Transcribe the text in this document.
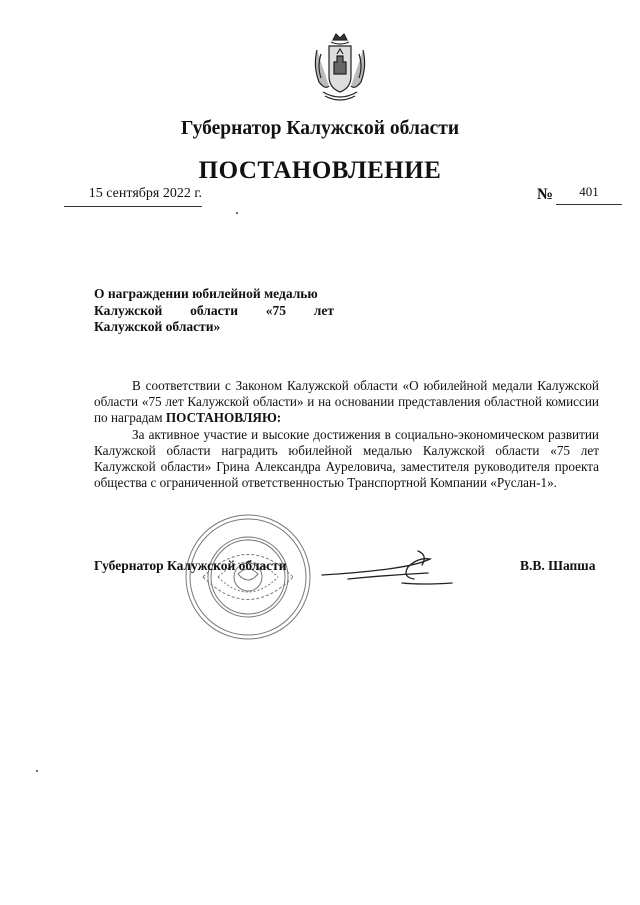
Губернатор Калужской области
ПОСТАНОВЛЕНИЕ
15 сентября 2022 г.	№	401
О награждении юбилейной медалью
Калужской области «75 лет
Калужской области»
В соответствии с Законом Калужской области «О юбилейной медали Калужской области «75 лет Калужской области» и на основании представления областной комиссии по наградам ПОСТАНОВЛЯЮ:
За активное участие и высокие достижения в социально-экономическом развитии Калужской области наградить юбилейной медалью Калужской области «75 лет Калужской области» Грина Александра Ауреловича, заместителя руководителя проекта общества с ограниченной ответственностью Транспортной Компании «Руслан-1».
Губернатор Калужской области	В.В. Шапша
